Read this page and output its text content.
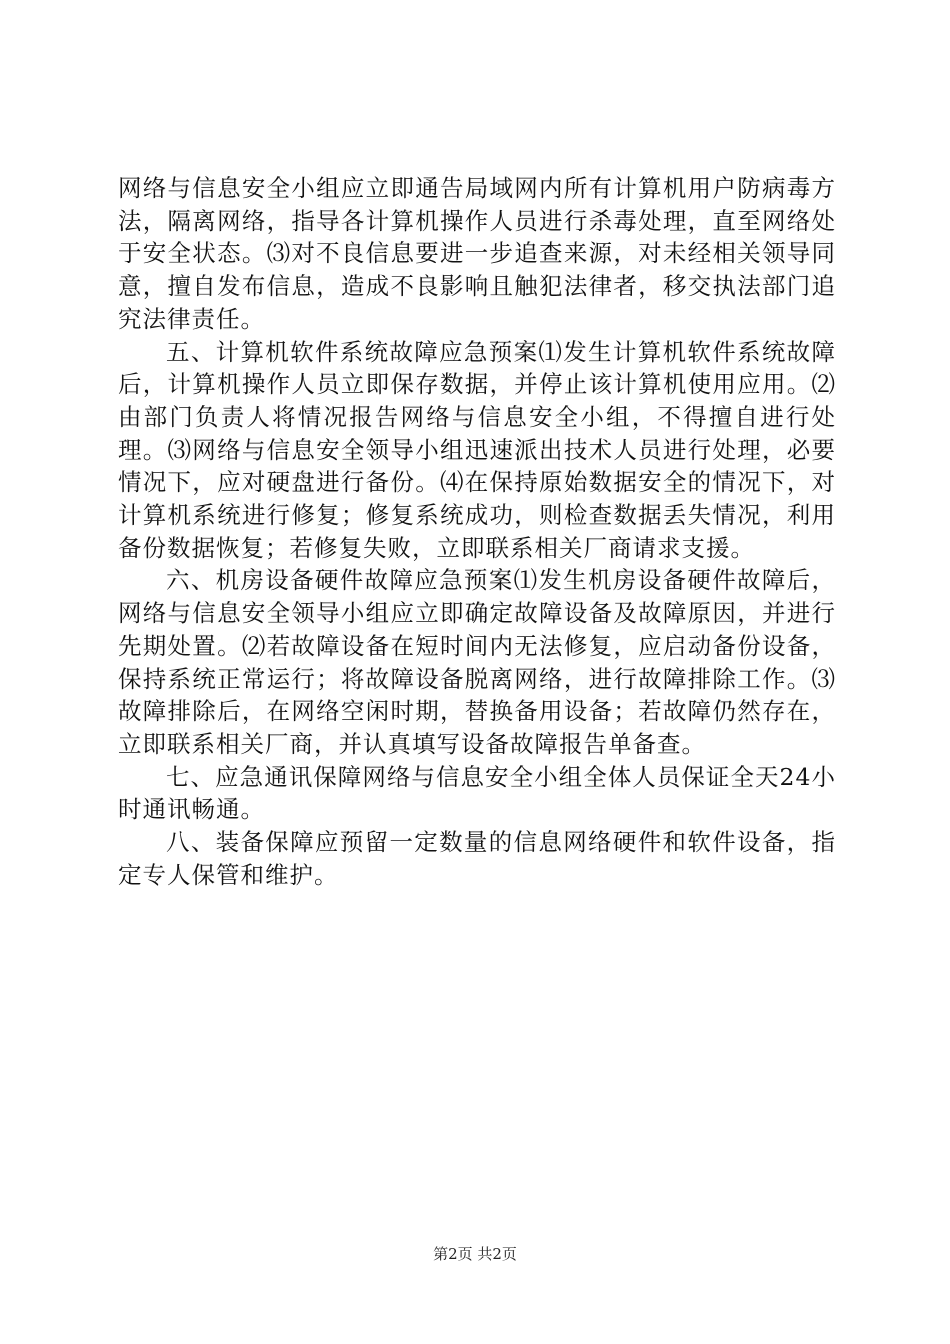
网络与信息安全小组应立即通告局域网内所有计算机用户防病毒方法，隔离网络，指导各计算机操作人员进行杀毒处理，直至网络处于安全状态。⑶对不良信息要进一步追查来源，对未经相关领导同意，擅自发布信息，造成不良影响且触犯法律者，移交执法部门追究法律责任。

五、计算机软件系统故障应急预案⑴发生计算机软件系统故障后，计算机操作人员立即保存数据，并停止该计算机使用应用。⑵由部门负责人将情况报告网络与信息安全小组，不得擅自进行处理。⑶网络与信息安全领导小组迅速派出技术人员进行处理，必要情况下，应对硬盘进行备份。⑷在保持原始数据安全的情况下，对计算机系统进行修复；修复系统成功，则检查数据丢失情况，利用备份数据恢复；若修复失败，立即联系相关厂商请求支援。

六、机房设备硬件故障应急预案⑴发生机房设备硬件故障后，网络与信息安全领导小组应立即确定故障设备及故障原因，并进行先期处置。⑵若故障设备在短时间内无法修复，应启动备份设备，保持系统正常运行；将故障设备脱离网络，进行故障排除工作。⑶故障排除后，在网络空闲时期，替换备用设备；若故障仍然存在，立即联系相关厂商，并认真填写设备故障报告单备查。

七、应急通讯保障网络与信息安全小组全体人员保证全天24小时通讯畅通。

八、装备保障应预留一定数量的信息网络硬件和软件设备，指定专人保管和维护。

第2页 共2页
